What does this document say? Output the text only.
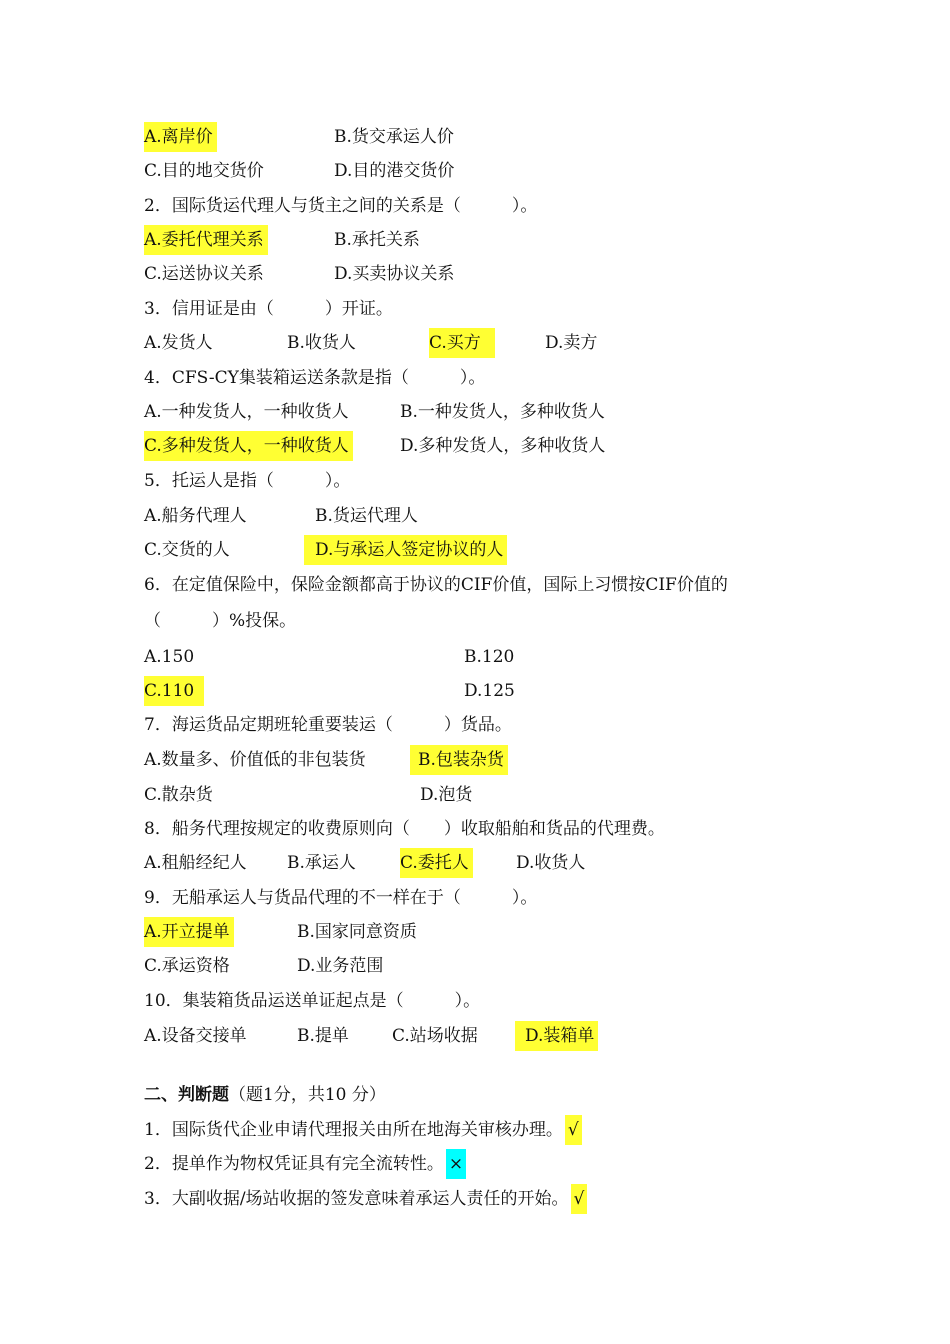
A.离岸价	B.货交承运人价
C.目的地交货价	D.目的港交货价
2．国际货运代理人与货主之间的关系是（　　　）。
A.委托代理关系	B.承托关系
C.运送协议关系	D.买卖协议关系
3．信用证是由（　　　）开证。
A.发货人	B.收货人	C.买方	D.卖方
4．CFS-CY集装箱运送条款是指（　　　）。
A.一种发货人，一种收货人	B.一种发货人，多种收货人
C.多种发货人，一种收货人	D.多种发货人，多种收货人
5．托运人是指（　　　）。
A.船务代理人	B.货运代理人
C.交货的人	D.与承运人签定协议的人
6．在定值保险中，保险金额都高于协议的CIF价值，国际上习惯按CIF价值的
（　　　）%投保。
A.150	B.120
C.110	D.125
7．海运货品定期班轮重要装运（　　　）货品。
A.数量多、价值低的非包装货	B.包装杂货
C.散杂货	D.泡货
8．船务代理按规定的收费原则向（　　）收取船舶和货品的代理费。
A.租船经纪人 B.承运人	C.委托人	D.收货人
9．无船承运人与货品代理的不一样在于（　　　）。
A.开立提单	B.国家同意资质
C.承运资格	D.业务范围
10．集装箱货品运送单证起点是（　　　）。
A.设备交接单	B.提单	C.站场收据	D.装箱单
二、判断题（题1分，共10 分）
1．国际货代企业申请代理报关由所在地海关审核办理。 √
2．提单作为物权凭证具有完全流转性。 ×
3．大副收据/场站收据的签发意味着承运人责任的开始。 √
